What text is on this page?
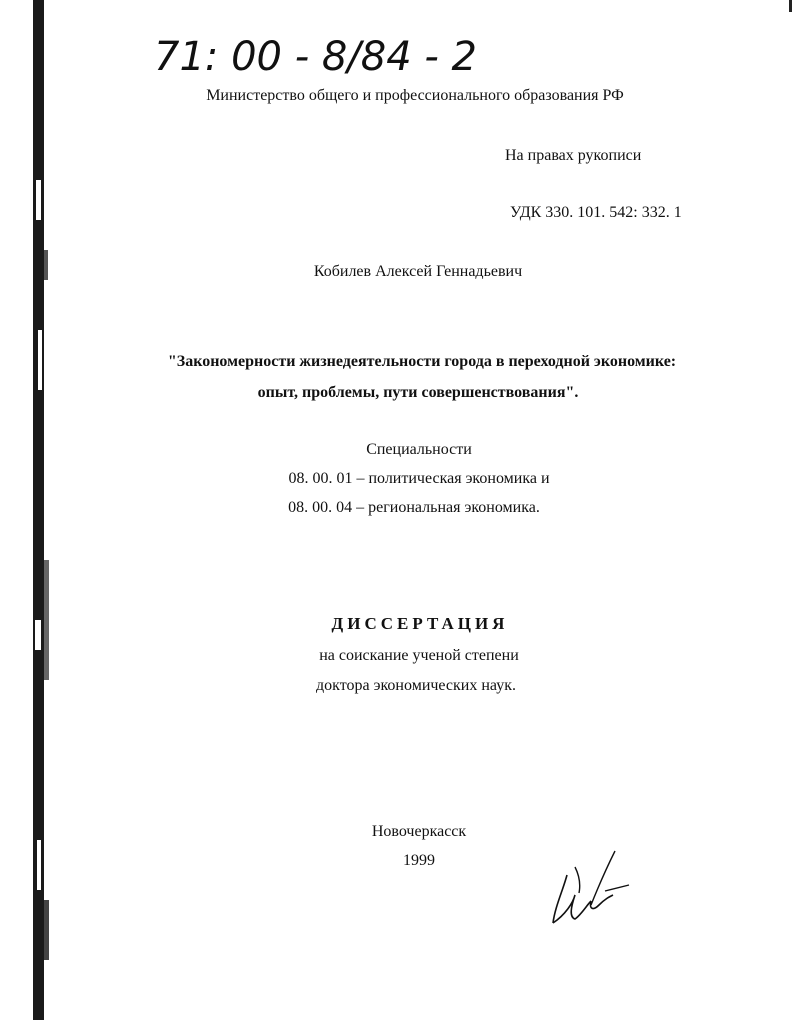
71: 00 - 8/84 - 2
Министерство общего и профессионального образования РФ
На правах рукописи
УДК 330. 101. 542: 332. 1
Кобилев Алексей Геннадьевич
"Закономерности жизнедеятельности города в переходной экономике:
опыт, проблемы, пути совершенствования".
Специальности
08. 00. 01 – политическая экономика и
08. 00. 04 – региональная экономика.
ДИССЕРТАЦИЯ
на соискание ученой степени
доктора экономических наук.
Новочеркасск
1999
